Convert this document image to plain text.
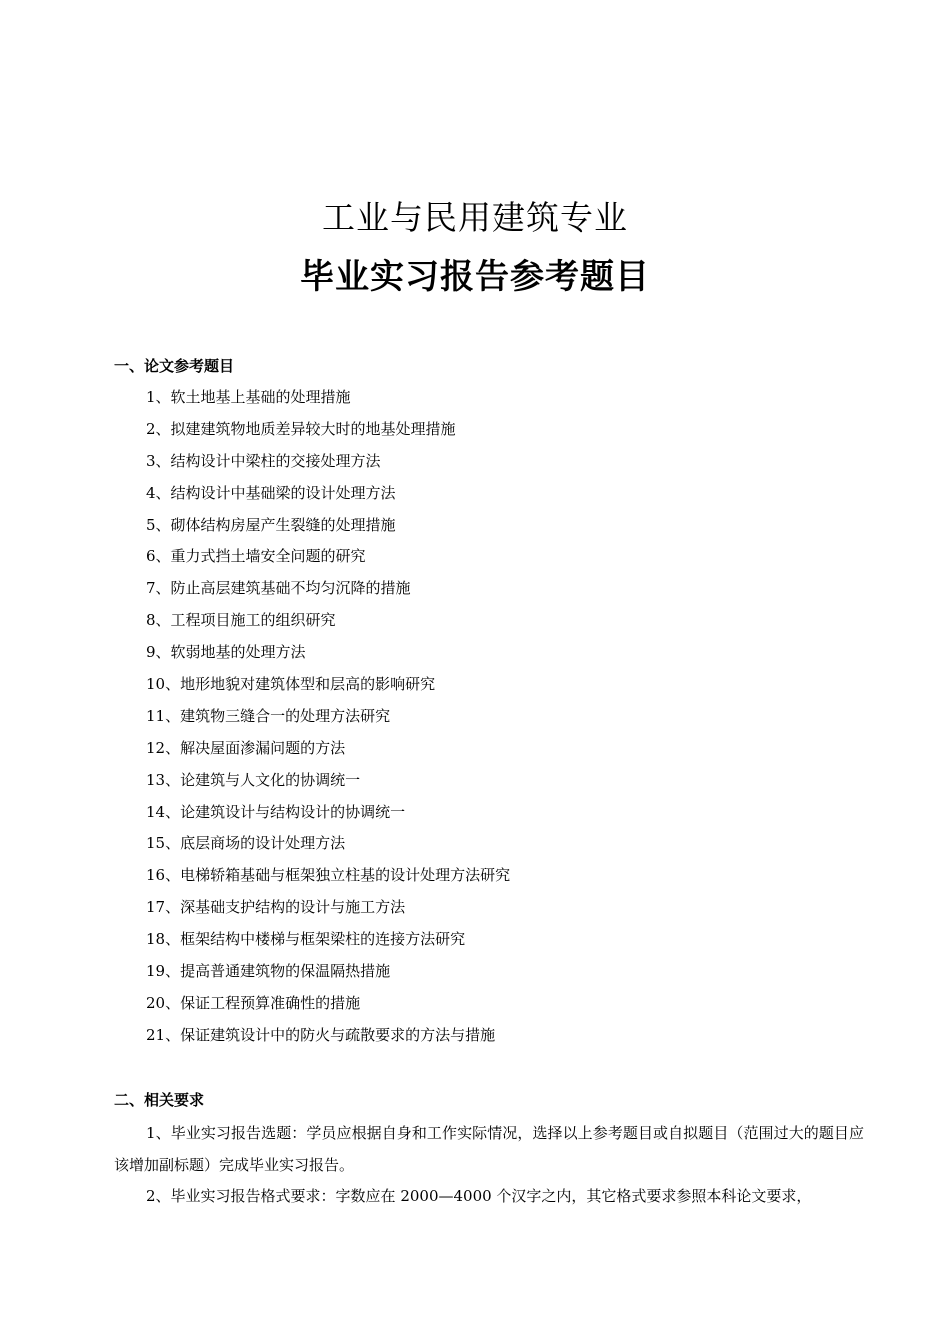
工业与民用建筑专业
毕业实习报告参考题目
一、论文参考题目
1、软土地基上基础的处理措施
2、拟建建筑物地质差异较大时的地基处理措施
3、结构设计中梁柱的交接处理方法
4、结构设计中基础梁的设计处理方法
5、砌体结构房屋产生裂缝的处理措施
6、重力式挡土墙安全问题的研究
7、防止高层建筑基础不均匀沉降的措施
8、工程项目施工的组织研究
9、软弱地基的处理方法
10、地形地貌对建筑体型和层高的影响研究
11、建筑物三缝合一的处理方法研究
12、解决屋面渗漏问题的方法
13、论建筑与人文化的协调统一
14、论建筑设计与结构设计的协调统一
15、底层商场的设计处理方法
16、电梯轿箱基础与框架独立柱基的设计处理方法研究
17、深基础支护结构的设计与施工方法
18、框架结构中楼梯与框架梁柱的连接方法研究
19、提高普通建筑物的保温隔热措施
20、保证工程预算准确性的措施
21、保证建筑设计中的防火与疏散要求的方法与措施
二、相关要求

1、毕业实习报告选题：学员应根据自身和工作实际情况，选择以上参考题目或自拟题目（范围过大的题目应该增加副标题）完成毕业实习报告。

2、毕业实习报告格式要求：字数应在 2000—4000 个汉字之内，其它格式要求参照本科论文要求，
